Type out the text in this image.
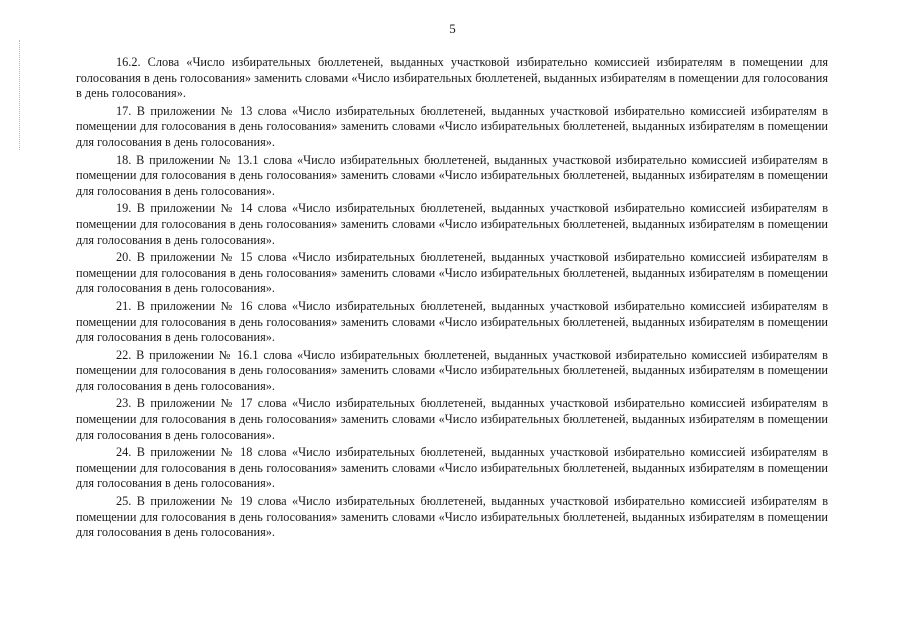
5

16.2. Слова «Число избирательных бюллетеней, выданных участковой избирательно комиссией избирателям в помещении для голосования в день голосования» заменить словами «Число избирательных бюллетеней, выданных избирателям в помещении для голосования в день голосования».

17. В приложении № 13 слова «Число избирательных бюллетеней, выданных участковой избирательно комиссией избирателям в помещении для голосования в день голосования» заменить словами «Число избирательных бюллетеней, выданных избирателям в помещении для голосования в день голосования».

18. В приложении № 13.1 слова «Число избирательных бюллетеней, выданных участковой избирательно комиссией избирателям в помещении для голосования в день голосования» заменить словами «Число избирательных бюллетеней, выданных избирателям в помещении для голосования в день голосования».

19. В приложении № 14 слова «Число избирательных бюллетеней, выданных участковой избирательно комиссией избирателям в помещении для голосования в день голосования» заменить словами «Число избирательных бюллетеней, выданных избирателям в помещении для голосования в день голосования».

20. В приложении № 15 слова «Число избирательных бюллетеней, выданных участковой избирательно комиссией избирателям в помещении для голосования в день голосования» заменить словами «Число избирательных бюллетеней, выданных избирателям в помещении для голосования в день голосования».

21. В приложении № 16 слова «Число избирательных бюллетеней, выданных участковой избирательно комиссией избирателям в помещении для голосования в день голосования» заменить словами «Число избирательных бюллетеней, выданных избирателям в помещении для голосования в день голосования».

22. В приложении № 16.1 слова «Число избирательных бюллетеней, выданных участковой избирательно комиссией избирателям в помещении для голосования в день голосования» заменить словами «Число избирательных бюллетеней, выданных избирателям в помещении для голосования в день голосования».

23. В приложении № 17 слова «Число избирательных бюллетеней, выданных участковой избирательно комиссией избирателям в помещении для голосования в день голосования» заменить словами «Число избирательных бюллетеней, выданных избирателям в помещении для голосования в день голосования».

24. В приложении № 18 слова «Число избирательных бюллетеней, выданных участковой избирательно комиссией избирателям в помещении для голосования в день голосования» заменить словами «Число избирательных бюллетеней, выданных избирателям в помещении для голосования в день голосования».

25. В приложении № 19 слова «Число избирательных бюллетеней, выданных участковой избирательно комиссией избирателям в помещении для голосования в день голосования» заменить словами «Число избирательных бюллетеней, выданных избирателям в помещении для голосования в день голосования».
